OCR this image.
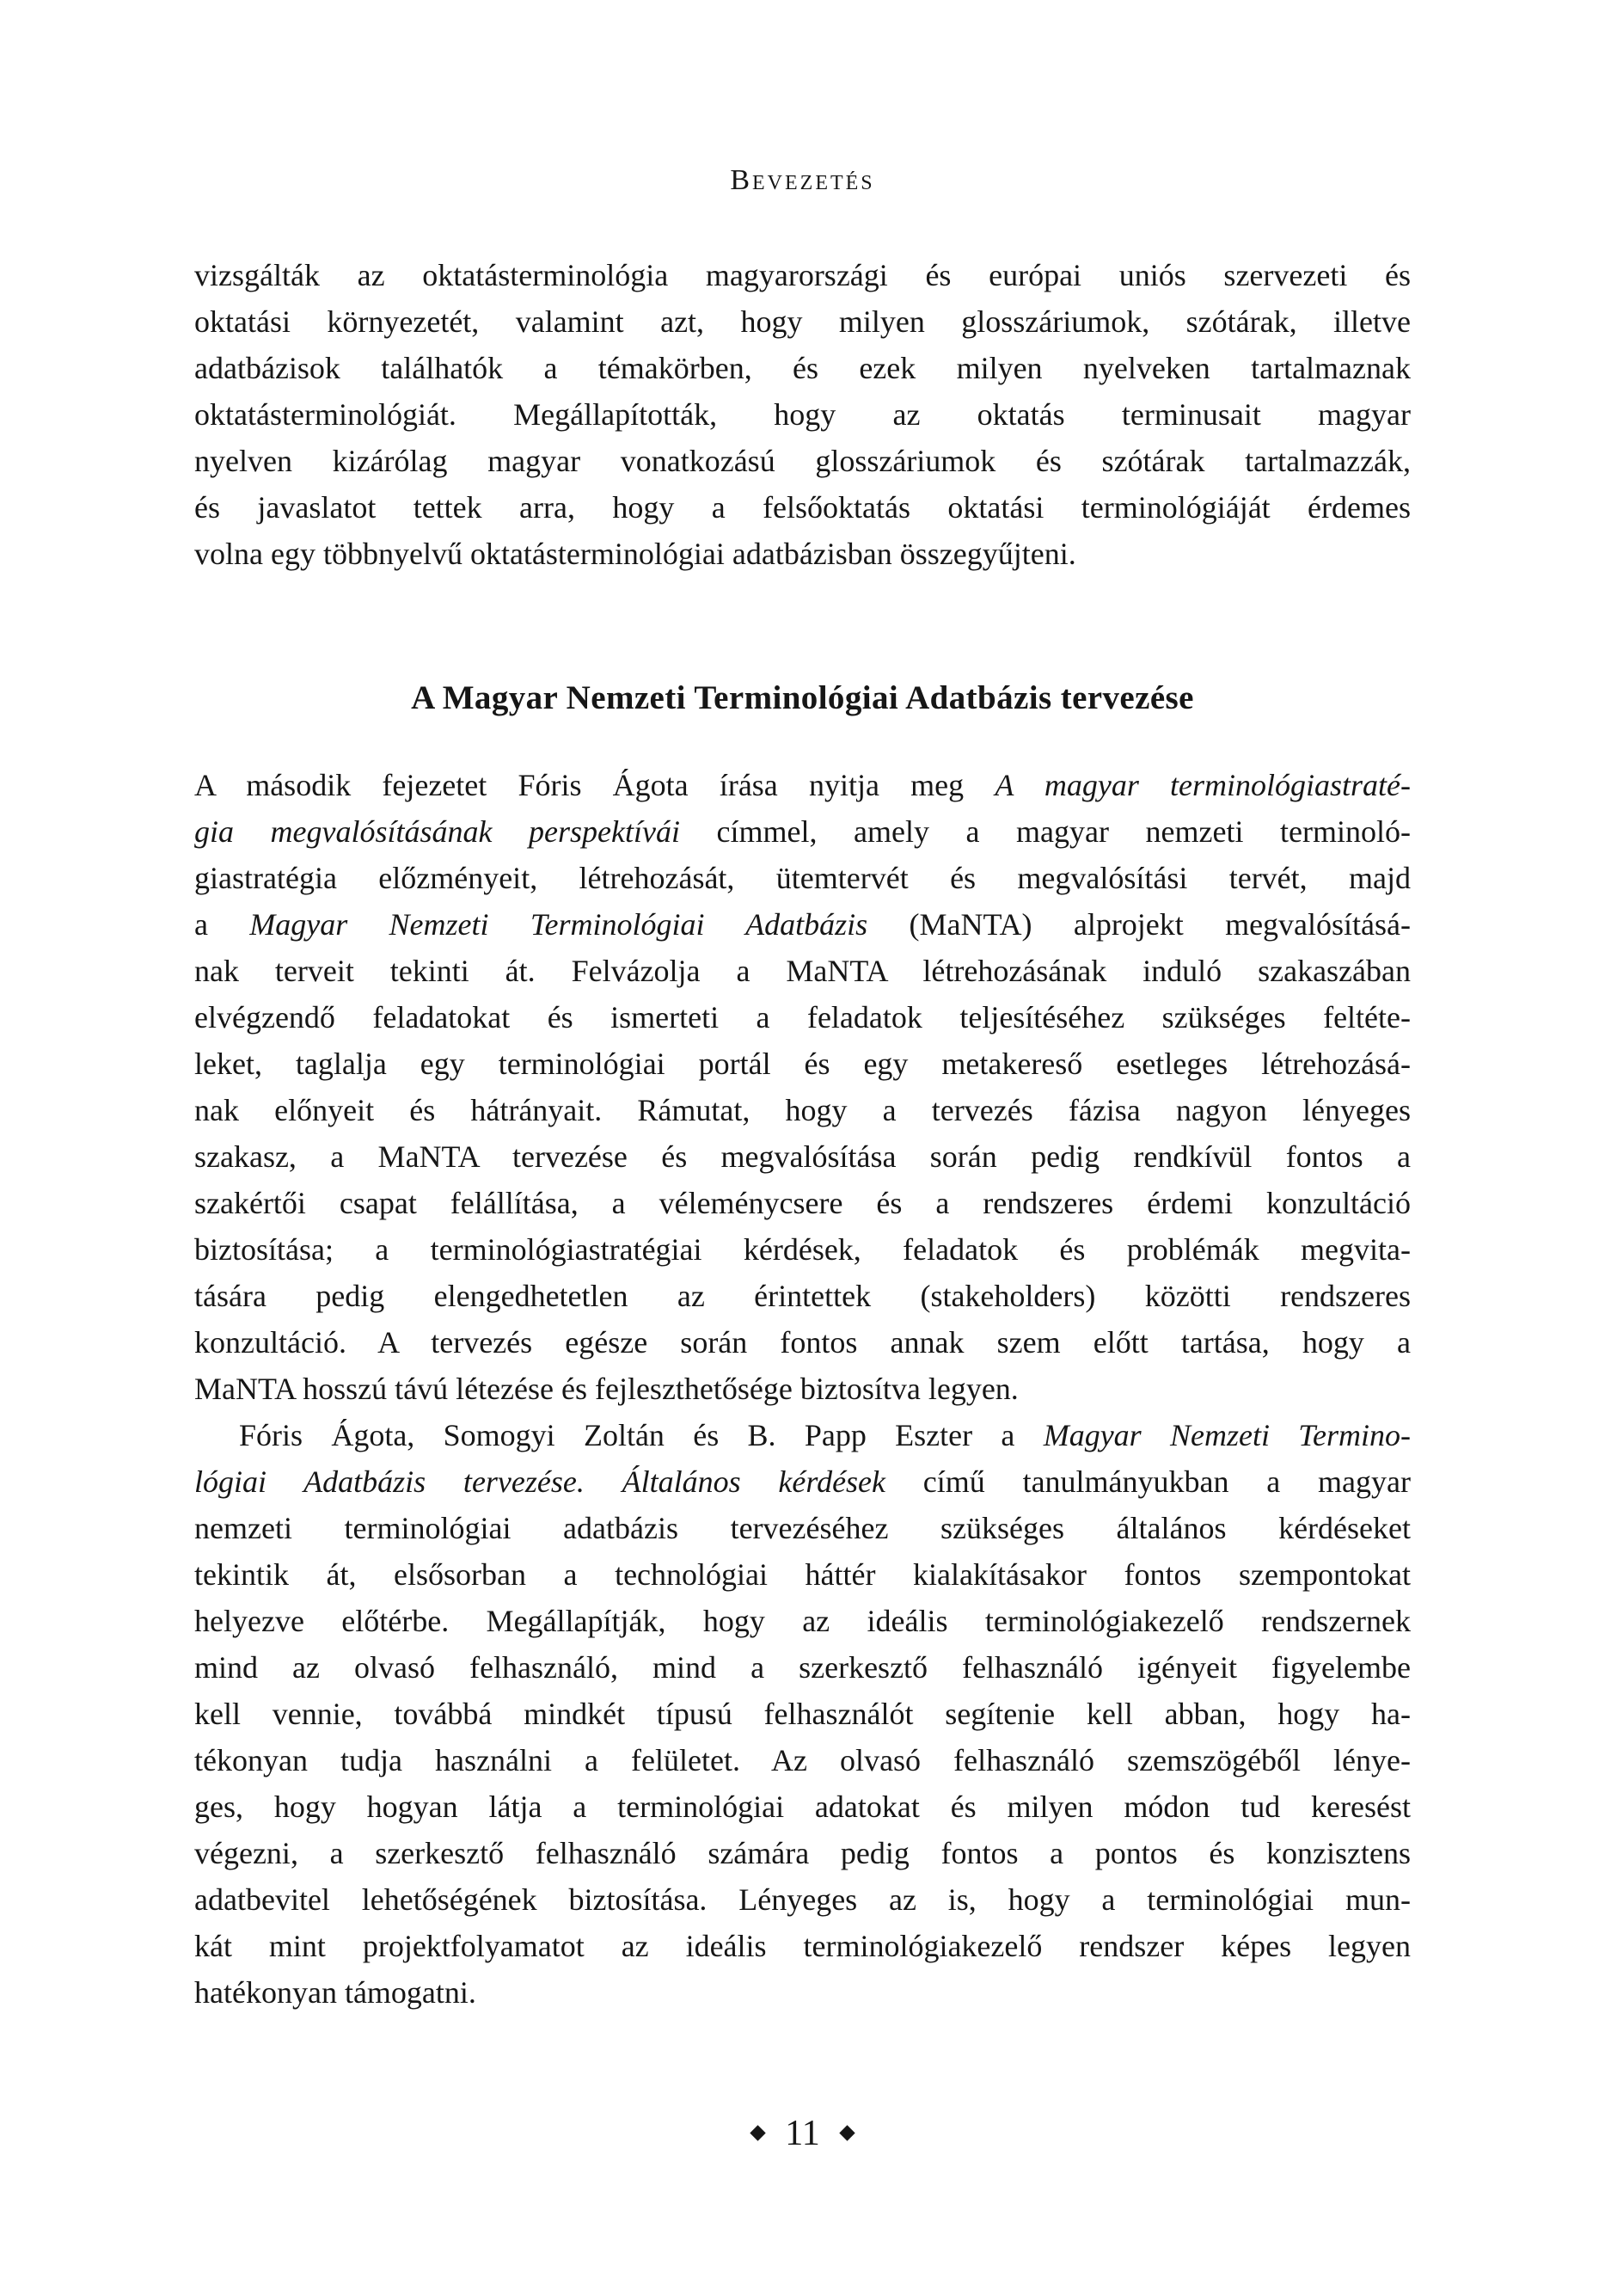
Bevezetés
vizsgálták az oktatásterminológia magyarországi és európai uniós szervezeti és
oktatási környezetét, valamint azt, hogy milyen glosszáriumok, szótárak, illetve
adatbázisok találhatók a témakörben, és ezek milyen nyelveken tartalmaznak
oktatásterminológiát. Megállapították, hogy az oktatás terminusait magyar
nyelven kizárólag magyar vonatkozású glosszáriumok és szótárak tartalmazzák,
és javaslatot tettek arra, hogy a felsőoktatás oktatási terminológiáját érdemes
volna egy többnyelvű oktatásterminológiai adatbázisban összegyűjteni.
A Magyar Nemzeti Terminológiai Adatbázis tervezése
A második fejezetet Fóris Ágota írása nyitja meg A magyar terminológiastraté-
gia megvalósításának perspektívái címmel, amely a magyar nemzeti terminoló-
giastratégia előzményeit, létrehozását, ütemtervét és megvalósítási tervét, majd
a Magyar Nemzeti Terminológiai Adatbázis (MaNTA) alprojekt megvalósításá-
nak terveit tekinti át. Felvázolja a MaNTA létrehozásának induló szakaszában
elvégzendő feladatokat és ismerteti a feladatok teljesítéséhez szükséges feltéte-
leket, taglalja egy terminológiai portál és egy metakereső esetleges létrehozásá-
nak előnyeit és hátrányait. Rámutat, hogy a tervezés fázisa nagyon lényeges
szakasz, a MaNTA tervezése és megvalósítása során pedig rendkívül fontos a
szakértői csapat felállítása, a véleménycsere és a rendszeres érdemi konzultáció
biztosítása; a terminológiastratégiai kérdések, feladatok és problémák megvita-
tására pedig elengedhetetlen az érintettek (stakeholders) közötti rendszeres
konzultáció. A tervezés egésze során fontos annak szem előtt tartása, hogy a
MaNTA hosszú távú létezése és fejleszthetősége biztosítva legyen.
Fóris Ágota, Somogyi Zoltán és B. Papp Eszter a Magyar Nemzeti Termino-
lógiai Adatbázis tervezése. Általános kérdések című tanulmányukban a magyar
nemzeti terminológiai adatbázis tervezéséhez szükséges általános kérdéseket
tekintik át, elsősorban a technológiai háttér kialakításakor fontos szempontokat
helyezve előtérbe. Megállapítják, hogy az ideális terminológiakezelő rendszernek
mind az olvasó felhasználó, mind a szerkesztő felhasználó igényeit figyelembe
kell vennie, továbbá mindkét típusú felhasználót segítenie kell abban, hogy ha-
tékonyan tudja használni a felületet. Az olvasó felhasználó szemszögéből lénye-
ges, hogy hogyan látja a terminológiai adatokat és milyen módon tud keresést
végezni, a szerkesztő felhasználó számára pedig fontos a pontos és konzisztens
adatbevitel lehetőségének biztosítása. Lényeges az is, hogy a terminológiai mun-
kát mint projektfolyamatot az ideális terminológiakezelő rendszer képes legyen
hatékonyan támogatni.
11
